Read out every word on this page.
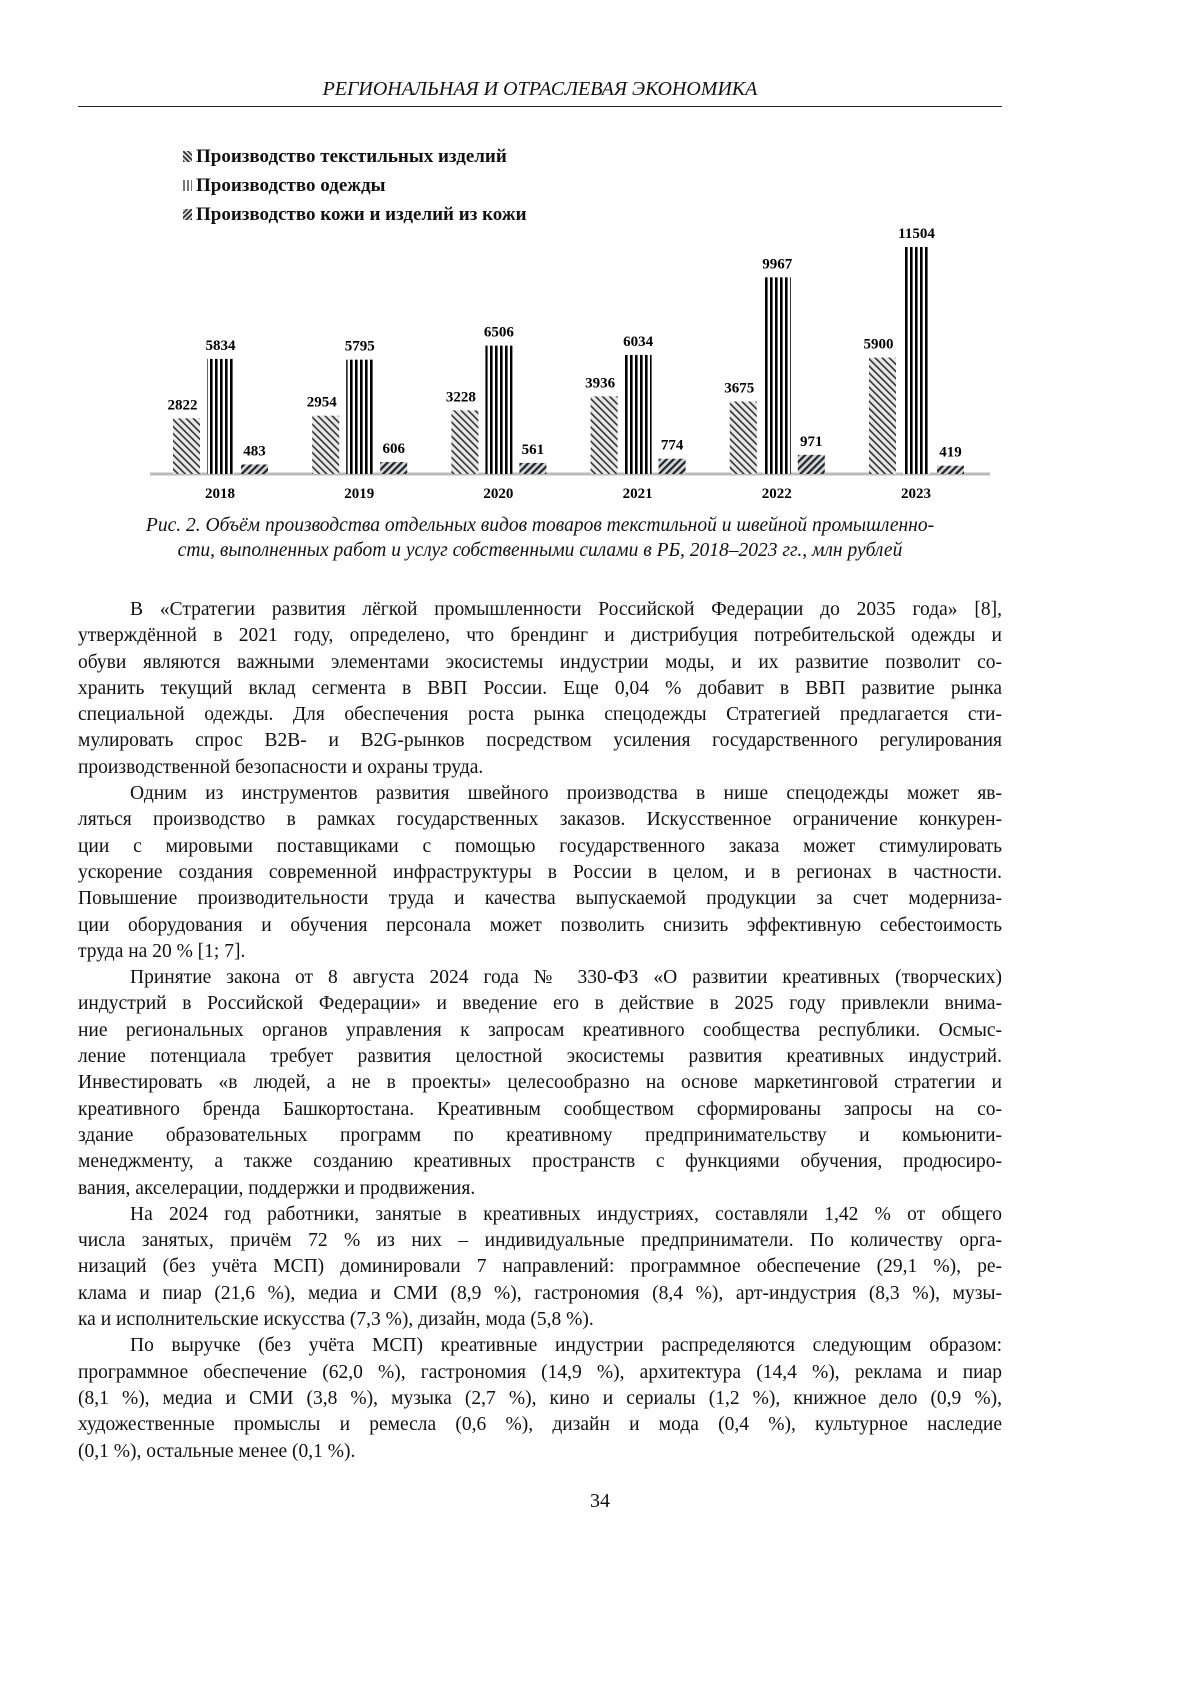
РЕГИОНАЛЬНАЯ И ОТРАСЛЕВАЯ ЭКОНОМИКА
2822
5834
483
2018
2954
5795
606
2019
3228
6506
561
2020
3936
6034
774
2021
3675
9967
971
2022
5900
11504
419
2023
Производство текстильных изделий
Производство одежды
Производство кожи и изделий из кожи
Рис. 2. Объём производства отдельных видов товаров текстильной и швейной промышленно-
сти, выполненных работ и услуг собственными силами в РБ, 2018–2023 гг., млн рублей
В «Стратегии развития лёгкой промышленности Российской Федерации до 2035 года» [8],
утверждённой в 2021 году, определено, что брендинг и дистрибуция потребительской одежды и
обуви являются важными элементами экосистемы индустрии моды, и их развитие позволит со-
хранить текущий вклад сегмента в ВВП России. Еще 0,04 % добавит в ВВП развитие рынка
специальной одежды. Для обеспечения роста рынка спецодежды Стратегией предлагается сти-
мулировать спрос B2B- и B2G-рынков посредством усиления государственного регулирования
производственной безопасности и охраны труда.
Одним из инструментов развития швейного производства в нише спецодежды может яв-
ляться производство в рамках государственных заказов. Искусственное ограничение конкурен-
ции с мировыми поставщиками с помощью государственного заказа может стимулировать
ускорение создания современной инфраструктуры в России в целом, и в регионах в частности.
Повышение производительности труда и качества выпускаемой продукции за счет модерниза-
ции оборудования и обучения персонала может позволить снизить эффективную себестоимость
труда на 20 % [1; 7].
Принятие закона от 8 августа 2024 года № 330-ФЗ «О развитии креативных (творческих)
индустрий в Российской Федерации» и введение его в действие в 2025 году привлекли внима-
ние региональных органов управления к запросам креативного сообщества республики. Осмыс-
ление потенциала требует развития целостной экосистемы развития креативных индустрий.
Инвестировать «в людей, а не в проекты» целесообразно на основе маркетинговой стратегии и
креативного бренда Башкортостана. Креативным сообществом сформированы запросы на со-
здание образовательных программ по креативному предпринимательству и комьюнити-
менеджменту, а также созданию креативных пространств с функциями обучения, продюсиро-
вания, акселерации, поддержки и продвижения.
На 2024 год работники, занятые в креативных индустриях, составляли 1,42 % от общего
числа занятых, причём 72 % из них – индивидуальные предприниматели. По количеству орга-
низаций (без учёта МСП) доминировали 7 направлений: программное обеспечение (29,1 %), ре-
клама и пиар (21,6 %), медиа и СМИ (8,9 %), гастрономия (8,4 %), арт-индустрия (8,3 %), музы-
ка и исполнительские искусства (7,3 %), дизайн, мода (5,8 %).
По выручке (без учёта МСП) креативные индустрии распределяются следующим образом:
программное обеспечение (62,0 %), гастрономия (14,9 %), архитектура (14,4 %), реклама и пиар
(8,1 %), медиа и СМИ (3,8 %), музыка (2,7 %), кино и сериалы (1,2 %), книжное дело (0,9 %),
художественные промыслы и ремесла (0,6 %), дизайн и мода (0,4 %), культурное наследие
(0,1 %), остальные менее (0,1 %).
34
